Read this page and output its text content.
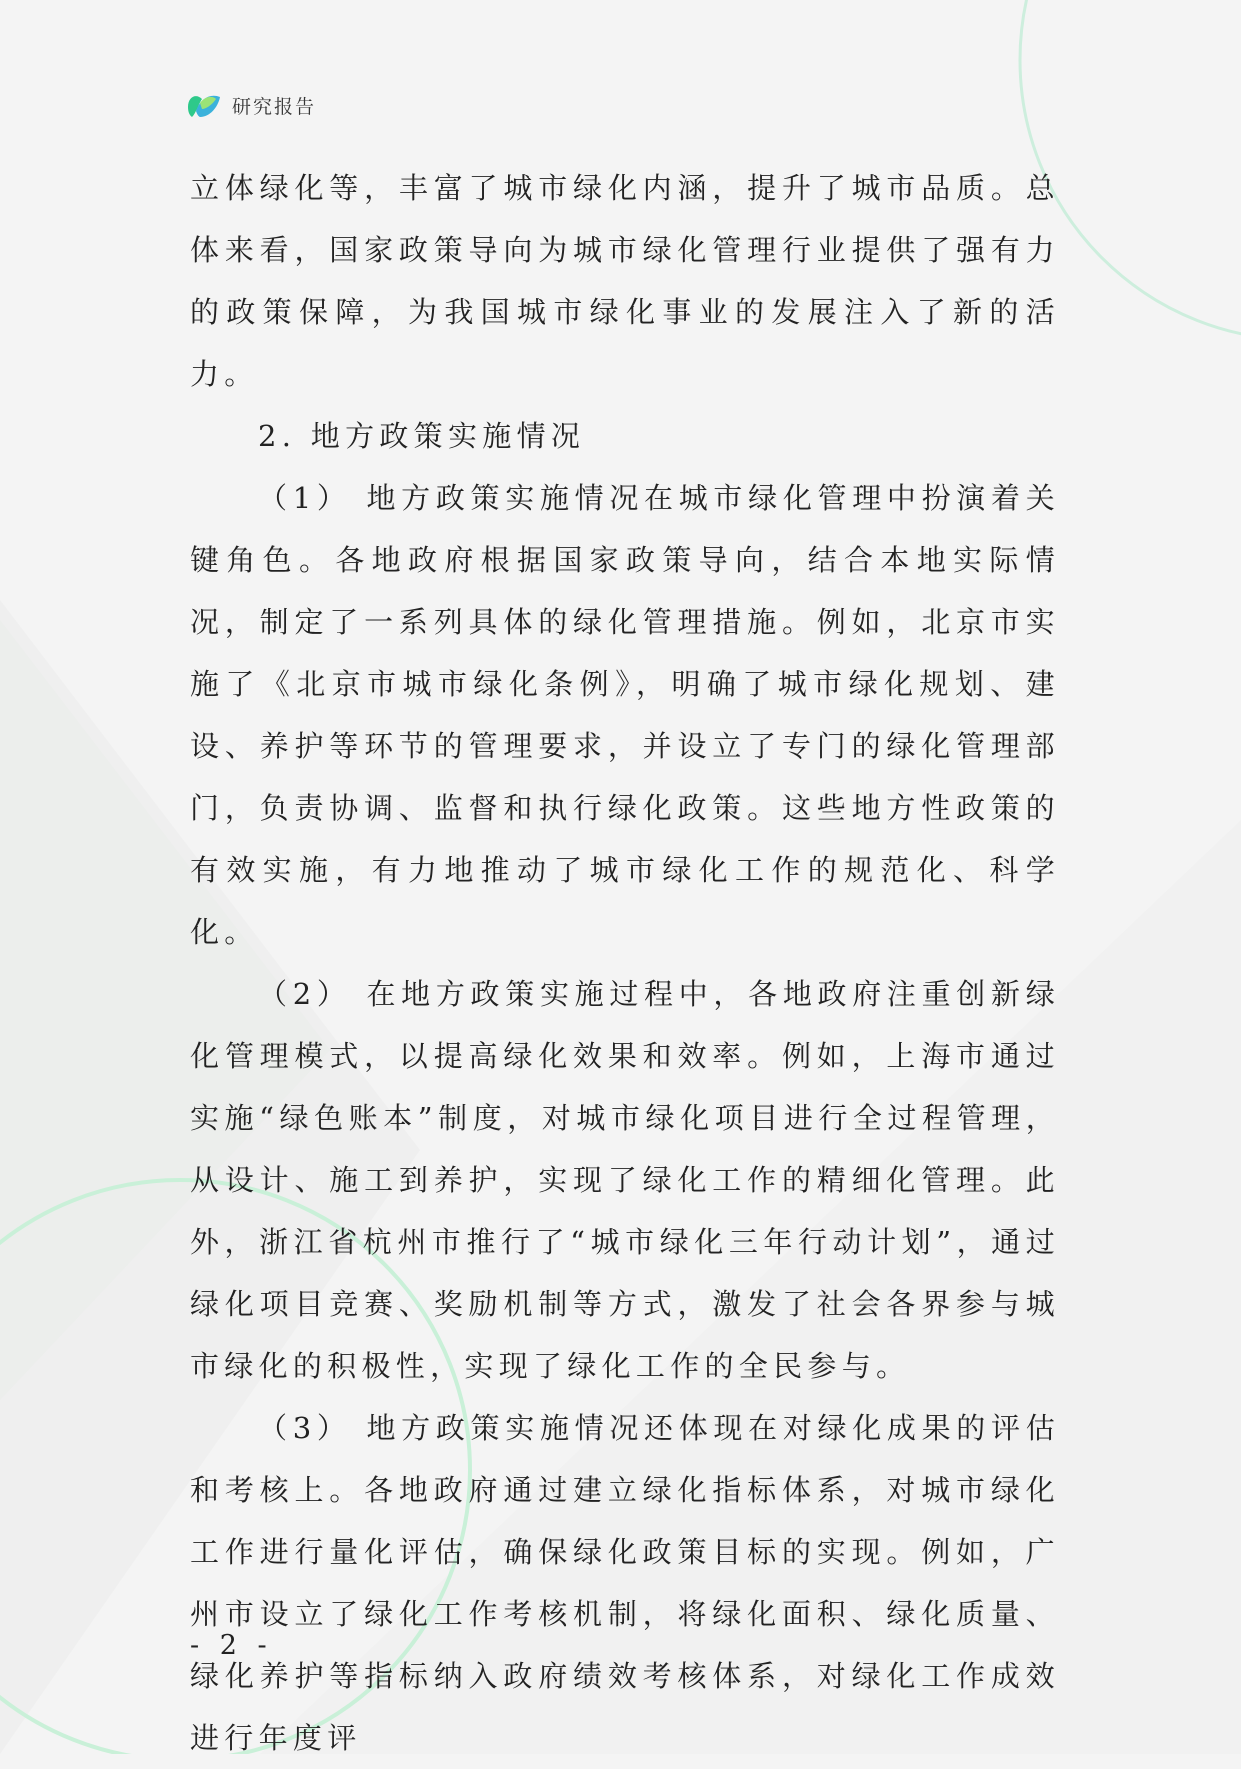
研究报告

立体绿化等，丰富了城市绿化内涵，提升了城市品质。总体来看，国家政策导向为城市绿化管理行业提供了强有力的政策保障，为我国城市绿化事业的发展注入了新的活力。

2. 地方政策实施情况

（1） 地方政策实施情况在城市绿化管理中扮演着关键角色。各地政府根据国家政策导向，结合本地实际情况，制定了一系列具体的绿化管理措施。例如，北京市实施了《北京市城市绿化条例》，明确了城市绿化规划、建设、养护等环节的管理要求，并设立了专门的绿化管理部门，负责协调、监督和执行绿化政策。这些地方性政策的有效实施，有力地推动了城市绿化工作的规范化、科学化。

（2） 在地方政策实施过程中，各地政府注重创新绿化管理模式，以提高绿化效果和效率。例如，上海市通过实施“绿色账本”制度，对城市绿化项目进行全过程管理，从设计、施工到养护，实现了绿化工作的精细化管理。此外，浙江省杭州市推行了“城市绿化三年行动计划”，通过绿化项目竞赛、奖励机制等方式，激发了社会各界参与城市绿化的积极性，实现了绿化工作的全民参与。

（3） 地方政策实施情况还体现在对绿化成果的评估和考核上。各地政府通过建立绿化指标体系，对城市绿化工作进行量化评估，确保绿化政策目标的实现。例如，广州市设立了绿化工作考核机制，将绿化面积、绿化质量、绿化养护等指标纳入政府绩效考核体系，对绿化工作成效进行年度评

- 2 -
